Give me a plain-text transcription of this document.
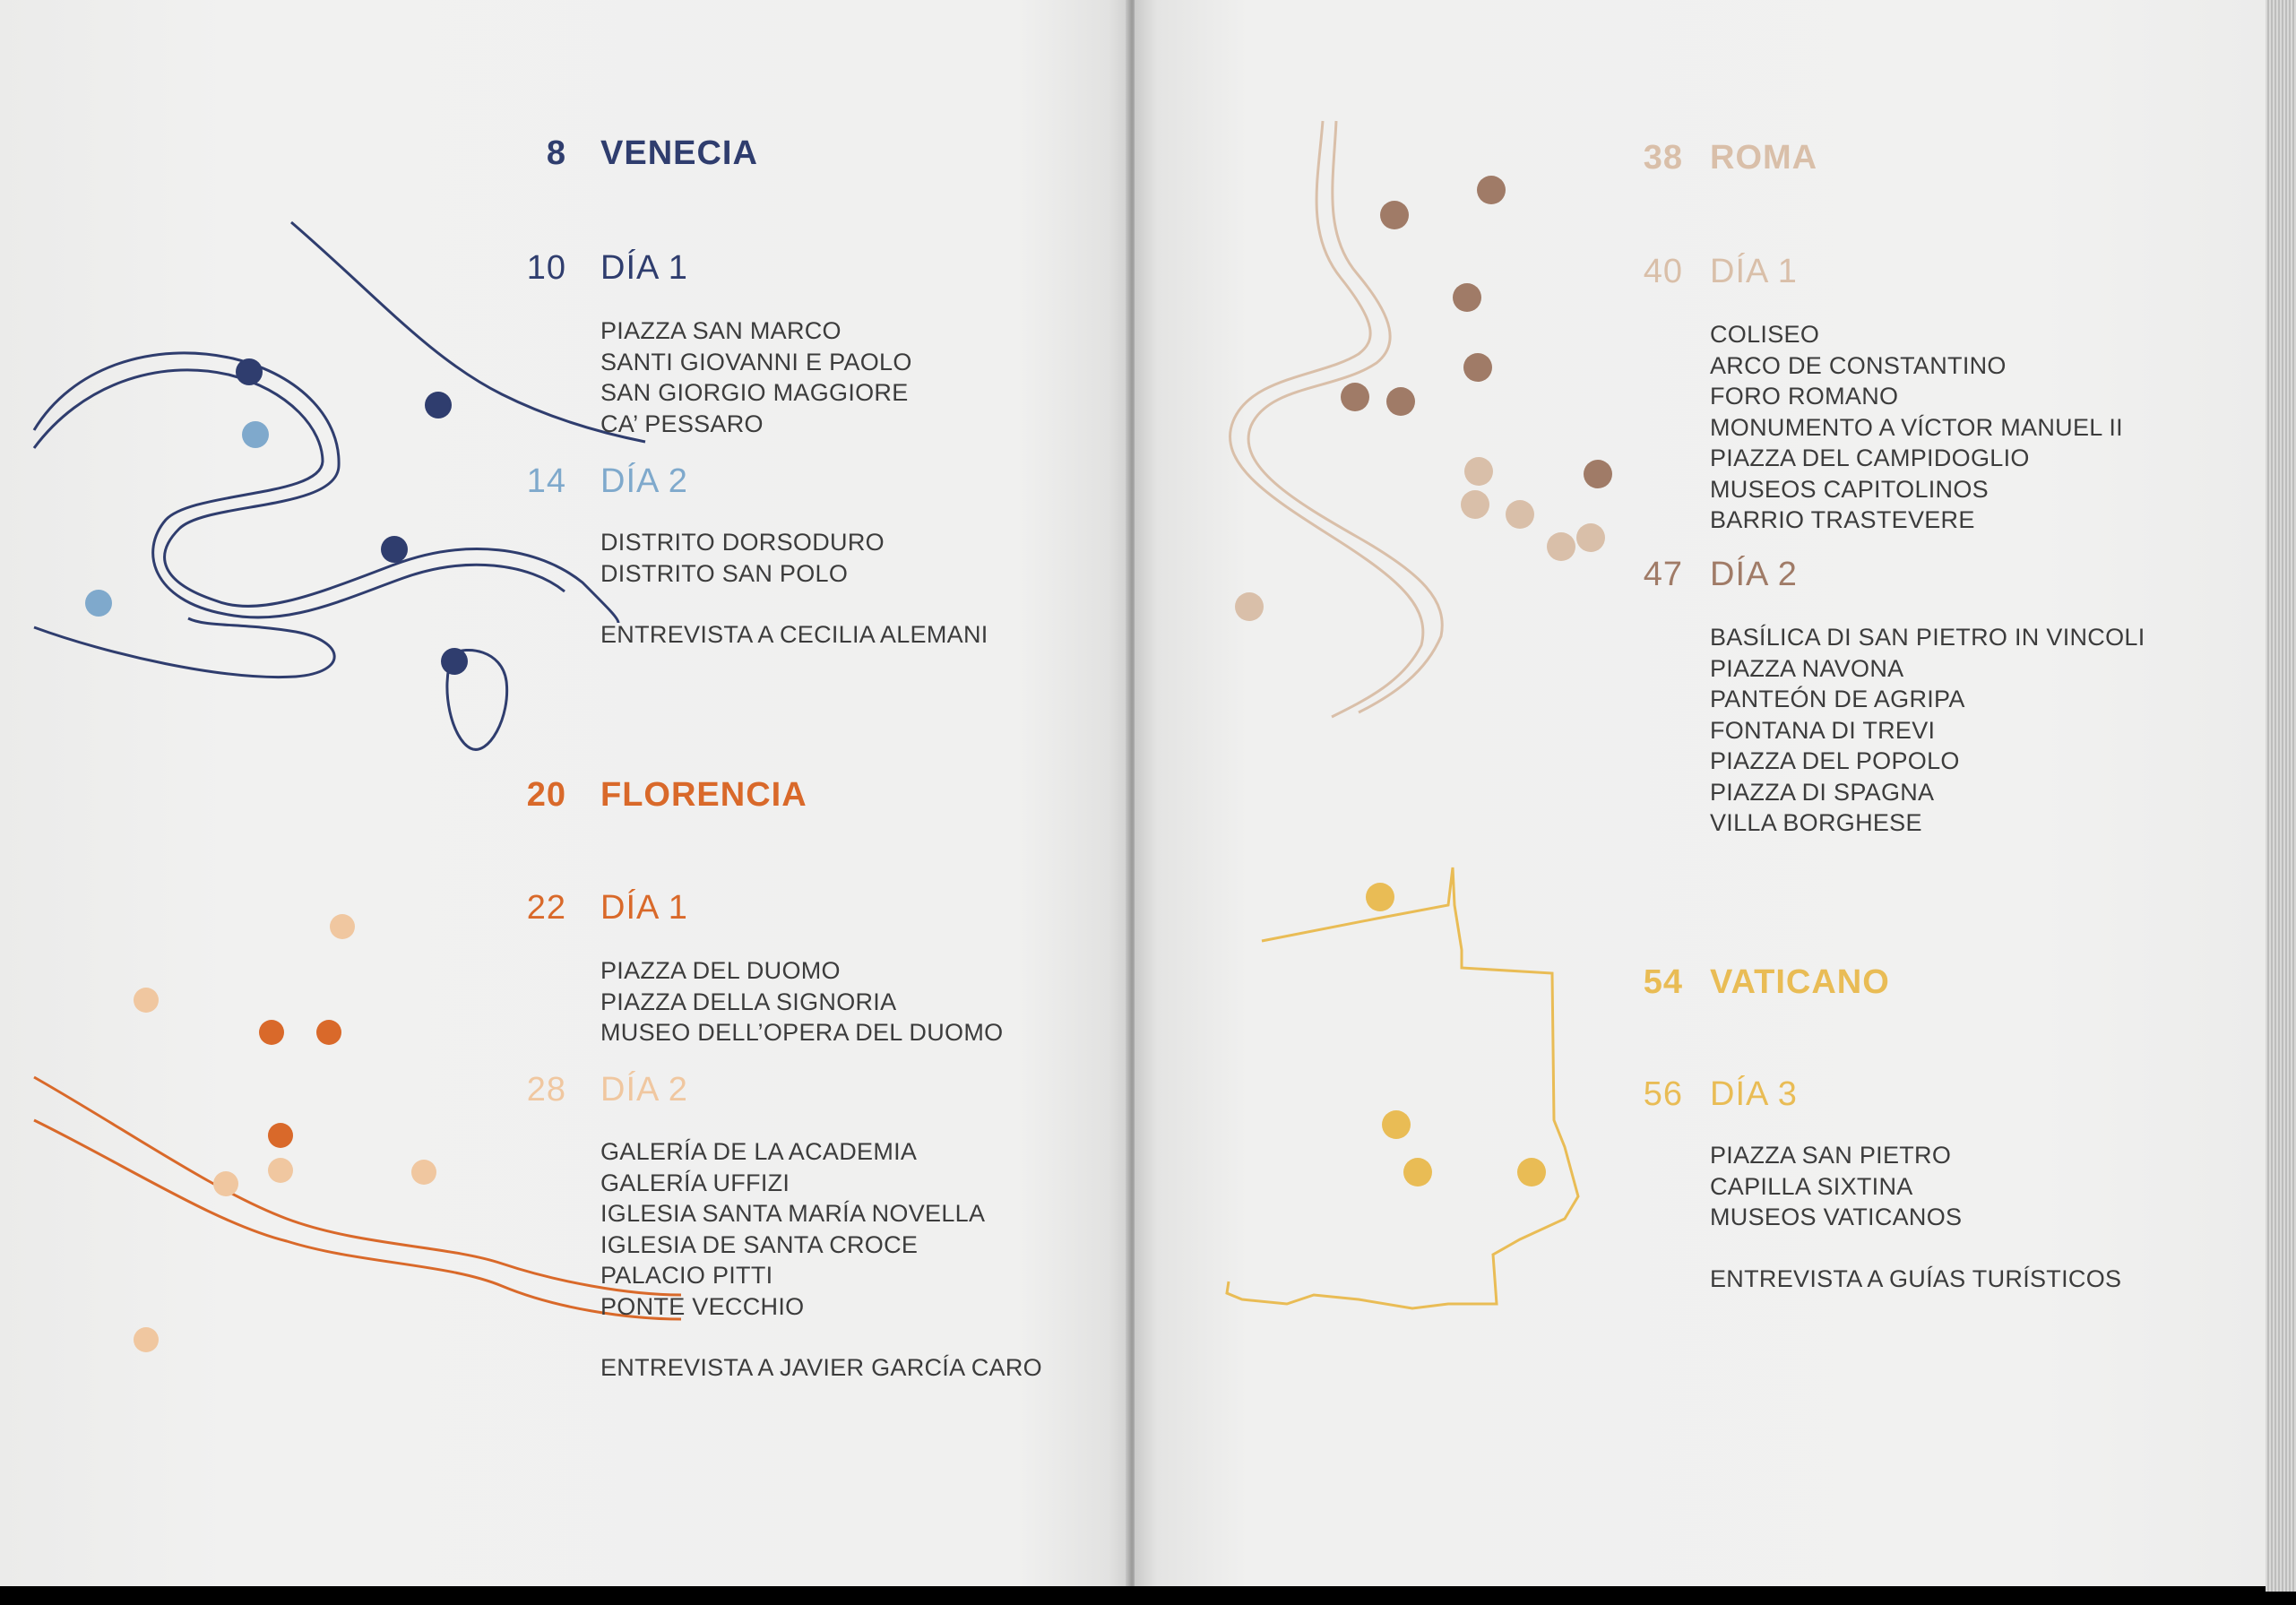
8 VENECIA
10 DÍA 1
PIAZZA SAN MARCO
SANTI GIOVANNI E PAOLO
SAN GIORGIO MAGGIORE
CA’ PESSARO
14 DÍA 2
DISTRITO DORSODURO
DISTRITO SAN POLO
ENTREVISTA A CECILIA ALEMANI
20 FLORENCIA
22 DÍA 1
PIAZZA DEL DUOMO
PIAZZA DELLA SIGNORIA
MUSEO DELL’OPERA DEL DUOMO
28 DÍA 2
GALERÍA DE LA ACADEMIA
GALERÍA UFFIZI
IGLESIA SANTA MARÍA NOVELLA
IGLESIA DE SANTA CROCE
PALACIO PITTI
PONTE VECCHIO
ENTREVISTA A JAVIER GARCÍA CARO
38 ROMA
40 DÍA 1
COLISEO
ARCO DE CONSTANTINO
FORO ROMANO
MONUMENTO A VÍCTOR MANUEL II
PIAZZA DEL CAMPIDOGLIO
MUSEOS CAPITOLINOS
BARRIO TRASTEVERE
47 DÍA 2
BASÍLICA DI SAN PIETRO IN VINCOLI
PIAZZA NAVONA
PANTEÓN DE AGRIPA
FONTANA DI TREVI
PIAZZA DEL POPOLO
PIAZZA DI SPAGNA
VILLA BORGHESE
54 VATICANO
56 DÍA 3
PIAZZA SAN PIETRO
CAPILLA SIXTINA
MUSEOS VATICANOS
ENTREVISTA A GUÍAS TURÍSTICOS
